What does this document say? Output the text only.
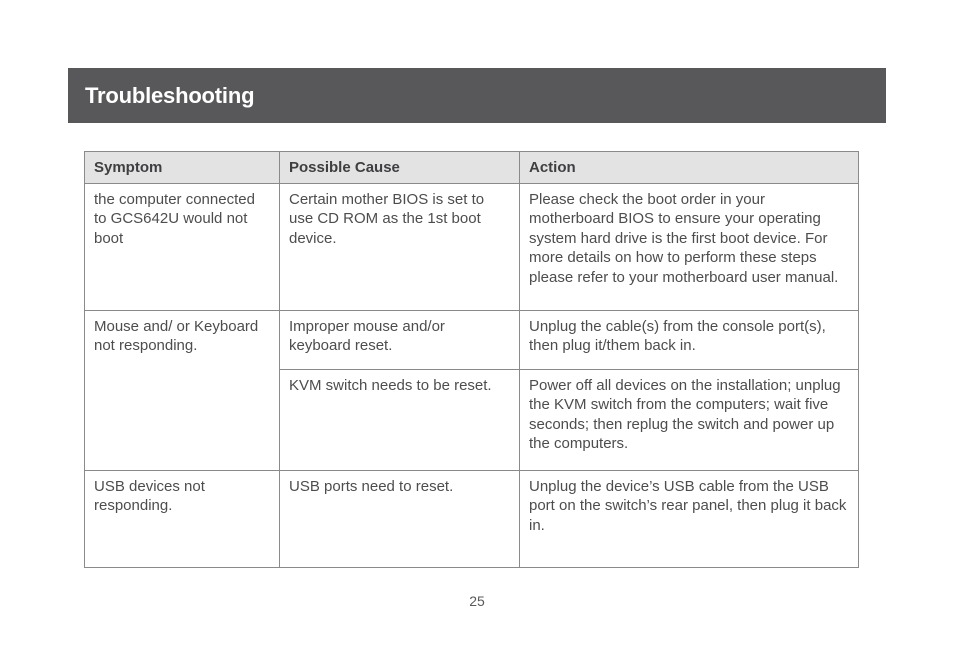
Troubleshooting
Symptom	Possible Cause	Action
the computer connected to GCS642U would not boot	Certain mother BIOS is set to use CD ROM as the 1st boot device.	Please check the boot order in your motherboard BIOS to ensure your operating system hard drive is the first boot device. For more details on how to perform these steps please refer to your motherboard user manual.
Mouse and/ or Keyboard not responding.	Improper mouse and/or keyboard reset.	Unplug the cable(s) from the console port(s), then plug it/them back in.
	KVM switch needs to be reset.	Power off all devices on the installation; unplug the KVM switch from the computers; wait five seconds; then replug the switch and power up the computers.
USB devices not responding.	USB ports need to reset.	Unplug the device’s USB cable from the USB port on the switch’s rear panel, then plug it back in.
25
